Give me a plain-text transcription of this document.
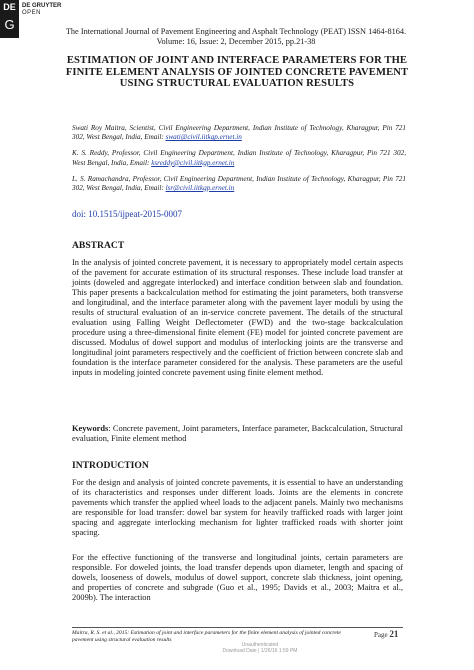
DE
G
DE GRUYTER
OPEN
The International Journal of Pavement Engineering and Asphalt Technology (PEAT) ISSN 1464-8164.
Volume: 16, Issue: 2, December 2015, pp.21-38
ESTIMATION OF JOINT AND INTERFACE PARAMETERS FOR THE FINITE ELEMENT ANALYSIS OF JOINTED CONCRETE PAVEMENT USING STRUCTURAL EVALUATION RESULTS

Swati Roy Maitra, Scientist, Civil Engineering Department, Indian Institute of Technology, Kharagpur, Pin 721 302, West Bengal, India, Email: swati@civil.iitkgp.ernet.in

K. S. Reddy, Professor, Civil Engineering Department, Indian Institute of Technology, Kharagpur, Pin 721 302, West Bengal, India, Email: ksreddy@civil.iitkgp.ernet.in

L. S. Ramachandra, Professor, Civil Engineering Department, Indian Institute of Technology, Kharagpur, Pin 721 302, West Bengal, India, Email: lsr@civil.iitkgp.ernet.in

doi: 10.1515/ijpeat-2015-0007
ABSTRACT

In the analysis of jointed concrete pavement, it is necessary to appropriately model certain aspects of the pavement for accurate estimation of its structural responses. These include load transfer at joints (doweled and aggregate interlocked) and interface condition between slab and foundation. This paper presents a backcalculation method for estimating the joint parameters, both transverse and longitudinal, and the interface parameter along with the pavement layer moduli by using the results of structural evaluation of an in-service concrete pavement. The details of the structural evaluation using Falling Weight Deflectometer (FWD) and the two-stage backcalculation procedure using a three-dimensional finite element (FE) model for jointed concrete pavement are discussed. Modulus of dowel support and modulus of interlocking joints are the transverse and longitudinal joint parameters respectively and the coefficient of friction between concrete slab and foundation is the interface parameter considered for the analysis. These parameters are the useful inputs in modeling jointed concrete pavement using finite element method.

Keywords: Concrete pavement, Joint parameters, Interface parameter, Backcalculation, Structural evaluation, Finite element method

INTRODUCTION

For the design and analysis of jointed concrete pavements, it is essential to have an understanding of its characteristics and responses under different loads. Joints are the elements in concrete pavements which transfer the applied wheel loads to the adjacent panels. Mainly two mechanisms are responsible for load transfer: dowel bar system for heavily trafficked roads with larger joint spacing and aggregate interlocking mechanism for lighter trafficked roads with shorter joint spacing.

For the effective functioning of the transverse and longitudinal joints, certain parameters are responsible. For doweled joints, the load transfer depends upon diameter, length and spacing of dowels, looseness of dowels, modulus of dowel support, concrete slab thickness, joint opening, and properties of concrete and subgrade (Guo et al., 1995; Davids et al., 2003; Maitra et al., 2009b). The interaction

Maitra, R. S. et al., 2015: Estimation of joint and interface parameters for the finite element analysis of jointed concrete pavement using structural evaluation results
Page 21
Unauthenticated
Download Date | 1/26/16 1:59 PM
